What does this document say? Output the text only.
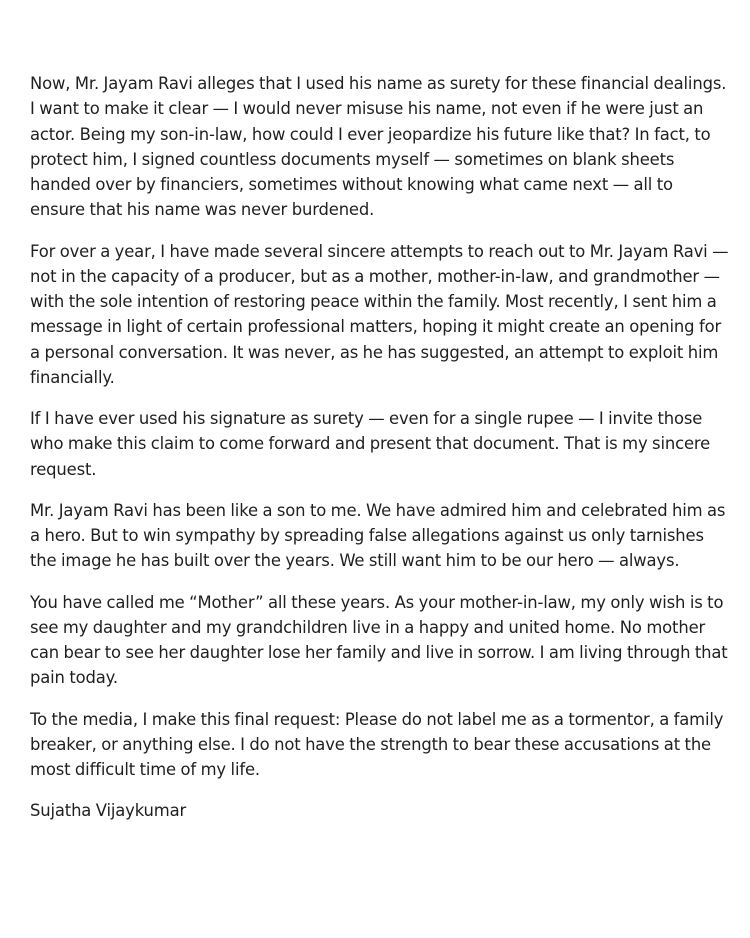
Now, Mr. Jayam Ravi alleges that I used his name as surety for these financial dealings. I want to make it clear — I would never misuse his name, not even if he were just an actor. Being my son-in-law, how could I ever jeopardize his future like that? In fact, to protect him, I signed countless documents myself — sometimes on blank sheets handed over by financiers, sometimes without knowing what came next — all to ensure that his name was never burdened.

For over a year, I have made several sincere attempts to reach out to Mr. Jayam Ravi — not in the capacity of a producer, but as a mother, mother-in-law, and grandmother — with the sole intention of restoring peace within the family. Most recently, I sent him a message in light of certain professional matters, hoping it might create an opening for a personal conversation. It was never, as he has suggested, an attempt to exploit him financially.

If I have ever used his signature as surety — even for a single rupee — I invite those who make this claim to come forward and present that document. That is my sincere request.

Mr. Jayam Ravi has been like a son to me. We have admired him and celebrated him as a hero. But to win sympathy by spreading false allegations against us only tarnishes the image he has built over the years. We still want him to be our hero — always.

You have called me “Mother” all these years. As your mother-in-law, my only wish is to see my daughter and my grandchildren live in a happy and united home. No mother can bear to see her daughter lose her family and live in sorrow. I am living through that pain today.

To the media, I make this final request: Please do not label me as a tormentor, a family breaker, or anything else. I do not have the strength to bear these accusations at the most difficult time of my life.

Sujatha Vijaykumar
